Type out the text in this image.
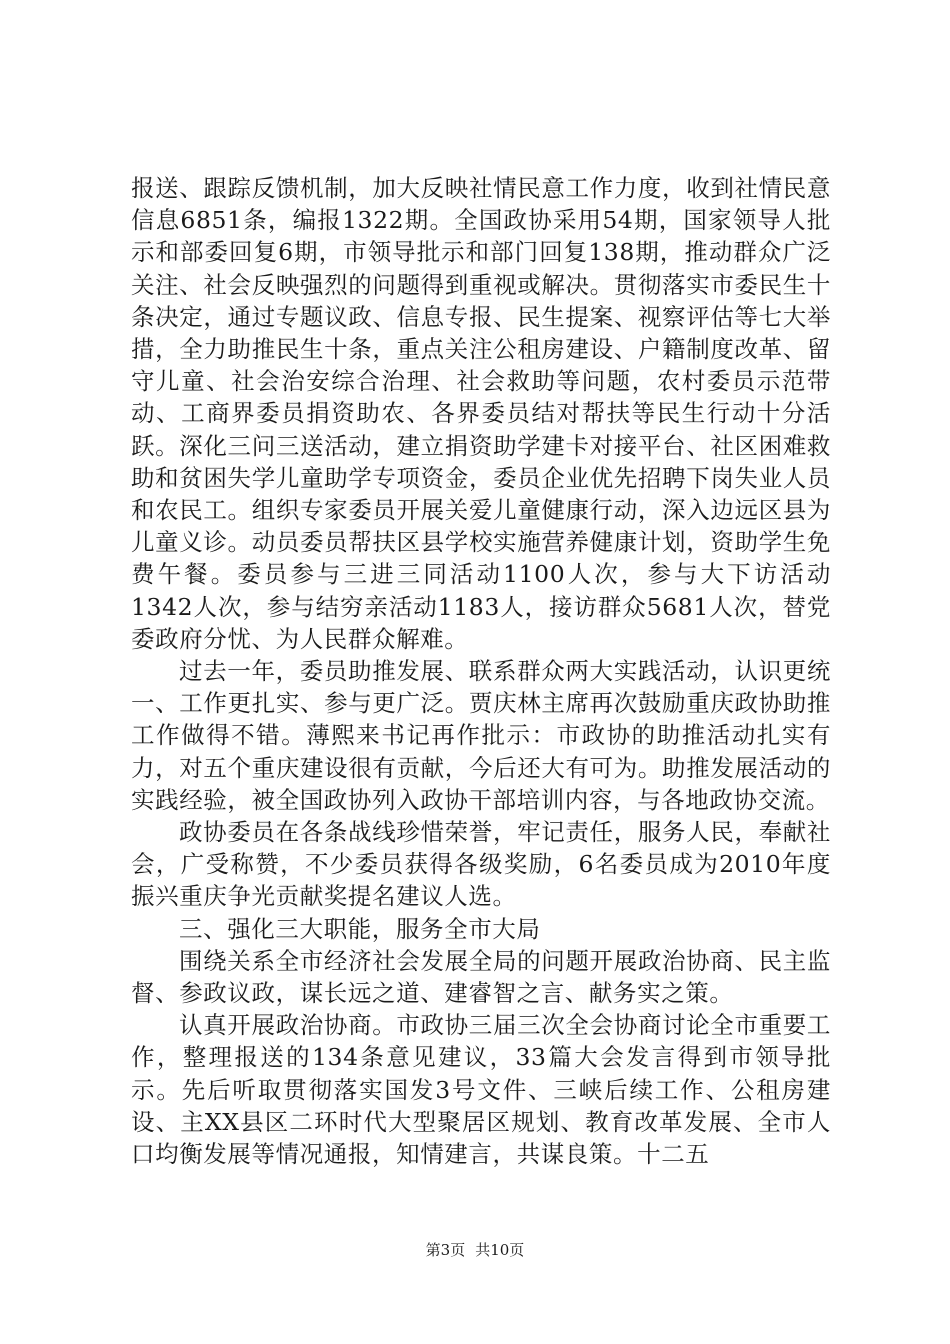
报送、跟踪反馈机制，加大反映社情民意工作力度，收到社情民意信息6851条，编报1322期。全国政协采用54期，国家领导人批示和部委回复6期，市领导批示和部门回复138期，推动群众广泛关注、社会反映强烈的问题得到重视或解决。贯彻落实市委民生十条决定，通过专题议政、信息专报、民生提案、视察评估等七大举措，全力助推民生十条，重点关注公租房建设、户籍制度改革、留守儿童、社会治安综合治理、社会救助等问题，农村委员示范带动、工商界委员捐资助农、各界委员结对帮扶等民生行动十分活跃。深化三问三送活动，建立捐资助学建卡对接平台、社区困难救助和贫困失学儿童助学专项资金，委员企业优先招聘下岗失业人员和农民工。组织专家委员开展关爱儿童健康行动，深入边远区县为儿童义诊。动员委员帮扶区县学校实施营养健康计划，资助学生免费午餐。委员参与三进三同活动1100人次，参与大下访活动1342人次，参与结穷亲活动1183人，接访群众5681人次，替党委政府分忧、为人民群众解难。

过去一年，委员助推发展、联系群众两大实践活动，认识更统一、工作更扎实、参与更广泛。贾庆林主席再次鼓励重庆政协助推工作做得不错。薄熙来书记再作批示：市政协的助推活动扎实有力，对五个重庆建设很有贡献，今后还大有可为。助推发展活动的实践经验，被全国政协列入政协干部培训内容，与各地政协交流。

政协委员在各条战线珍惜荣誉，牢记责任，服务人民，奉献社会，广受称赞，不少委员获得各级奖励，6名委员成为2010年度振兴重庆争光贡献奖提名建议人选。

三、强化三大职能，服务全市大局

围绕关系全市经济社会发展全局的问题开展政治协商、民主监督、参政议政，谋长远之道、建睿智之言、献务实之策。

认真开展政治协商。市政协三届三次全会协商讨论全市重要工作，整理报送的134条意见建议，33篇大会发言得到市领导批示。先后听取贯彻落实国发3号文件、三峡后续工作、公租房建设、主XX县区二环时代大型聚居区规划、教育改革发展、全市人口均衡发展等情况通报，知情建言，共谋良策。十二五

第3页 共10页
